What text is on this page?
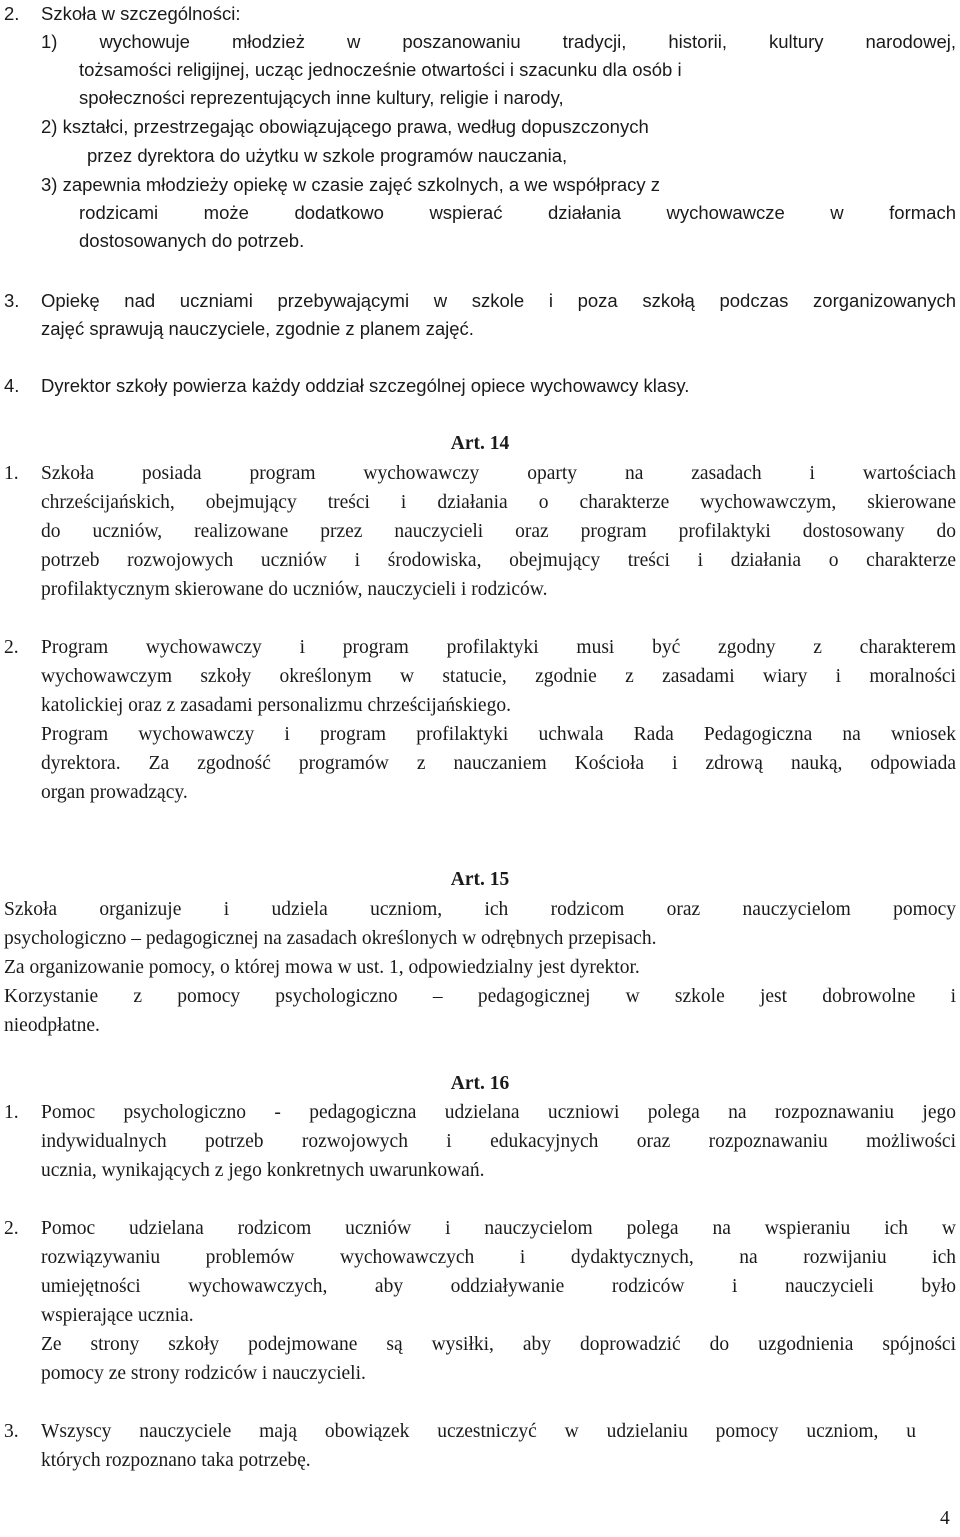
2. Szkoła w szczególności:
1) wychowuje młodzież w poszanowaniu tradycji, historii, kultury narodowej,
tożsamości religijnej, ucząc jednocześnie otwartości i szacunku dla osób i
społeczności reprezentujących inne kultury, religie i narody,
2) kształci, przestrzegając obowiązującego prawa, według dopuszczonych
przez dyrektora do użytku w szkole programów nauczania,
3) zapewnia młodzieży opiekę w czasie zajęć szkolnych, a we współpracy z
rodzicami może dodatkowo wspierać działania wychowawcze w formach
dostosowanych do potrzeb.
3. Opiekę nad uczniami przebywającymi w szkole i poza szkołą podczas zorganizowanych
zajęć sprawują nauczyciele, zgodnie z planem zajęć.
4. Dyrektor szkoły powierza każdy oddział szczególnej opiece wychowawcy klasy.
Art. 14
1. Szkoła posiada program wychowawczy oparty na zasadach i wartościach
chrześcijańskich, obejmujący treści i działania o charakterze wychowawczym, skierowane
do uczniów, realizowane przez nauczycieli oraz program profilaktyki dostosowany do
potrzeb rozwojowych uczniów i środowiska, obejmujący treści i działania o charakterze
profilaktycznym skierowane do uczniów, nauczycieli i rodziców.
2. Program wychowawczy i program profilaktyki musi być zgodny z charakterem
wychowawczym szkoły określonym w statucie, zgodnie z zasadami wiary i moralności
katolickiej oraz z zasadami personalizmu chrześcijańskiego.
Program wychowawczy i program profilaktyki uchwala Rada Pedagogiczna na wniosek
dyrektora. Za zgodność programów z nauczaniem Kościoła i zdrową nauką, odpowiada
organ prowadzący.
Art. 15
Szkoła organizuje i udziela uczniom, ich rodzicom oraz nauczycielom pomocy
psychologiczno – pedagogicznej na zasadach określonych w odrębnych przepisach.
Za organizowanie pomocy, o której mowa w ust. 1, odpowiedzialny jest dyrektor.
Korzystanie z pomocy psychologiczno – pedagogicznej w szkole jest dobrowolne i
nieodpłatne.
Art. 16
1. Pomoc psychologiczno - pedagogiczna udzielana uczniowi polega na rozpoznawaniu jego
indywidualnych potrzeb rozwojowych i edukacyjnych oraz rozpoznawaniu możliwości
ucznia, wynikających z jego konkretnych uwarunkowań.
2. Pomoc udzielana rodzicom uczniów i nauczycielom polega na wspieraniu ich w
rozwiązywaniu problemów wychowawczych i dydaktycznych, na rozwijaniu ich
umiejętności wychowawczych, aby oddziaływanie rodziców i nauczycieli było
wspierające ucznia.
Ze strony szkoły podejmowane są wysiłki, aby doprowadzić do uzgodnienia spójności
pomocy ze strony rodziców i nauczycieli.
3. Wszyscy nauczyciele mają obowiązek uczestniczyć w udzielaniu pomocy uczniom, u
których rozpoznano taka potrzebę.
4
